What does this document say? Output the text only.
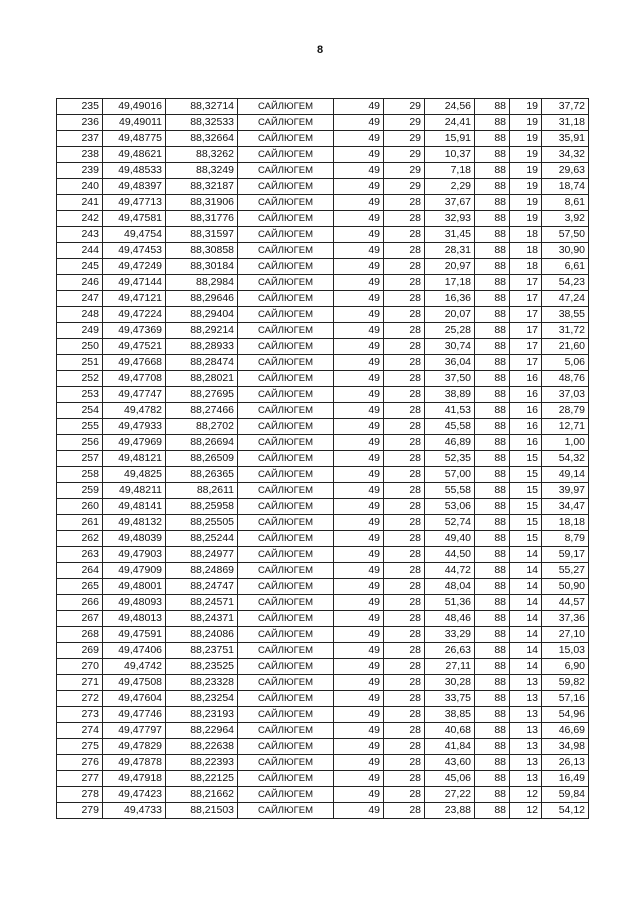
8
235	49,49016	88,32714	САЙЛЮГЕМ	49	29	24,56	88	19	37,72
236	49,49011	88,32533	САЙЛЮГЕМ	49	29	24,41	88	19	31,18
237	49,48775	88,32664	САЙЛЮГЕМ	49	29	15,91	88	19	35,91
238	49,48621	88,3262	САЙЛЮГЕМ	49	29	10,37	88	19	34,32
239	49,48533	88,3249	САЙЛЮГЕМ	49	29	7,18	88	19	29,63
240	49,48397	88,32187	САЙЛЮГЕМ	49	29	2,29	88	19	18,74
241	49,47713	88,31906	САЙЛЮГЕМ	49	28	37,67	88	19	8,61
242	49,47581	88,31776	САЙЛЮГЕМ	49	28	32,93	88	19	3,92
243	49,4754	88,31597	САЙЛЮГЕМ	49	28	31,45	88	18	57,50
244	49,47453	88,30858	САЙЛЮГЕМ	49	28	28,31	88	18	30,90
245	49,47249	88,30184	САЙЛЮГЕМ	49	28	20,97	88	18	6,61
246	49,47144	88,2984	САЙЛЮГЕМ	49	28	17,18	88	17	54,23
247	49,47121	88,29646	САЙЛЮГЕМ	49	28	16,36	88	17	47,24
248	49,47224	88,29404	САЙЛЮГЕМ	49	28	20,07	88	17	38,55
249	49,47369	88,29214	САЙЛЮГЕМ	49	28	25,28	88	17	31,72
250	49,47521	88,28933	САЙЛЮГЕМ	49	28	30,74	88	17	21,60
251	49,47668	88,28474	САЙЛЮГЕМ	49	28	36,04	88	17	5,06
252	49,47708	88,28021	САЙЛЮГЕМ	49	28	37,50	88	16	48,76
253	49,47747	88,27695	САЙЛЮГЕМ	49	28	38,89	88	16	37,03
254	49,4782	88,27466	САЙЛЮГЕМ	49	28	41,53	88	16	28,79
255	49,47933	88,2702	САЙЛЮГЕМ	49	28	45,58	88	16	12,71
256	49,47969	88,26694	САЙЛЮГЕМ	49	28	46,89	88	16	1,00
257	49,48121	88,26509	САЙЛЮГЕМ	49	28	52,35	88	15	54,32
258	49,4825	88,26365	САЙЛЮГЕМ	49	28	57,00	88	15	49,14
259	49,48211	88,2611	САЙЛЮГЕМ	49	28	55,58	88	15	39,97
260	49,48141	88,25958	САЙЛЮГЕМ	49	28	53,06	88	15	34,47
261	49,48132	88,25505	САЙЛЮГЕМ	49	28	52,74	88	15	18,18
262	49,48039	88,25244	САЙЛЮГЕМ	49	28	49,40	88	15	8,79
263	49,47903	88,24977	САЙЛЮГЕМ	49	28	44,50	88	14	59,17
264	49,47909	88,24869	САЙЛЮГЕМ	49	28	44,72	88	14	55,27
265	49,48001	88,24747	САЙЛЮГЕМ	49	28	48,04	88	14	50,90
266	49,48093	88,24571	САЙЛЮГЕМ	49	28	51,36	88	14	44,57
267	49,48013	88,24371	САЙЛЮГЕМ	49	28	48,46	88	14	37,36
268	49,47591	88,24086	САЙЛЮГЕМ	49	28	33,29	88	14	27,10
269	49,47406	88,23751	САЙЛЮГЕМ	49	28	26,63	88	14	15,03
270	49,4742	88,23525	САЙЛЮГЕМ	49	28	27,11	88	14	6,90
271	49,47508	88,23328	САЙЛЮГЕМ	49	28	30,28	88	13	59,82
272	49,47604	88,23254	САЙЛЮГЕМ	49	28	33,75	88	13	57,16
273	49,47746	88,23193	САЙЛЮГЕМ	49	28	38,85	88	13	54,96
274	49,47797	88,22964	САЙЛЮГЕМ	49	28	40,68	88	13	46,69
275	49,47829	88,22638	САЙЛЮГЕМ	49	28	41,84	88	13	34,98
276	49,47878	88,22393	САЙЛЮГЕМ	49	28	43,60	88	13	26,13
277	49,47918	88,22125	САЙЛЮГЕМ	49	28	45,06	88	13	16,49
278	49,47423	88,21662	САЙЛЮГЕМ	49	28	27,22	88	12	59,84
279	49,4733	88,21503	САЙЛЮГЕМ	49	28	23,88	88	12	54,12
